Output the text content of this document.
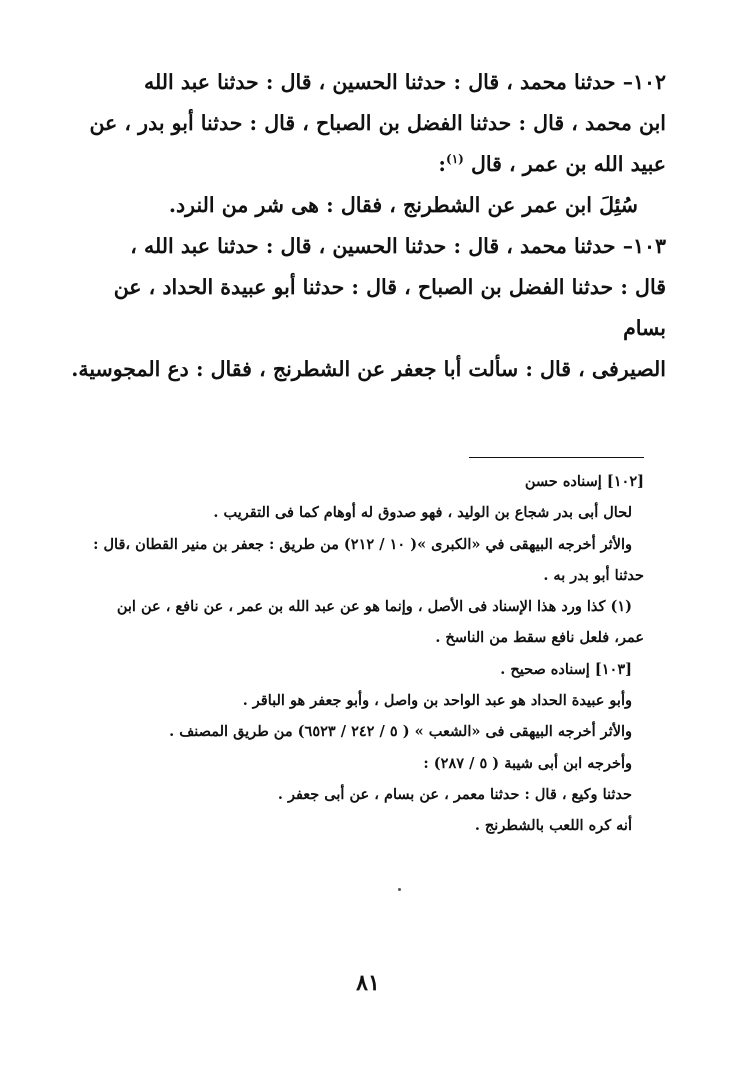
١٠٢– حدثنا محمد ، قال : حدثنا الحسين ، قال : حدثنا عبد الله

ابن محمد ، قال : حدثنا الفضل بن الصباح ، قال : حدثنا أبو بدر ، عن

عبيد الله بن عمر ، قال $^{(١)}$:

سُئِلَ ابن عمر عن الشطرنج ، فقال : هى شر من النرد.

١٠٣– حدثنا محمد ، قال : حدثنا الحسين ، قال : حدثنا عبد الله ،

قال : حدثنا الفضل بن الصباح ، قال : حدثنا أبو عبيدة الحداد ، عن بسام

الصيرفى ، قال : سألت أبا جعفر عن الشطرنج ، فقال : دع المجوسية.

[١٠٢] إسناده حسن

لحال أبى بدر شجاع بن الوليد ، فهو صدوق له أوهام كما فى التقريب .

والأثر أخرجه البيهقى في «الكبرى »( ١٠ / ٢١٢) من طريق : جعفر بن منير القطان ،قال :

حدثنا أبو بدر به .

(١) كذا ورد هذا الإسناد فى الأصل ، وإنما هو عن عبد الله بن عمر ، عن نافع ، عن ابن

عمر، فلعل نافع سقط من الناسخ .

[١٠٣] إسناده صحيح .

وأبو عبيدة الحداد هو عبد الواحد بن واصل ، وأبو جعفر هو الباقر .

والأثر أخرجه البيهقى فى «الشعب » ( ٥ / ٢٤٢ / ٦٥٢٣) من طريق المصنف .

وأخرجه ابن أبى شيبة ( ٥ / ٢٨٧) :

حدثنا وكيع ، قال : حدثنا معمر ، عن بسام ، عن أبى جعفر .

أنه كره اللعب بالشطرنج .

٨١
